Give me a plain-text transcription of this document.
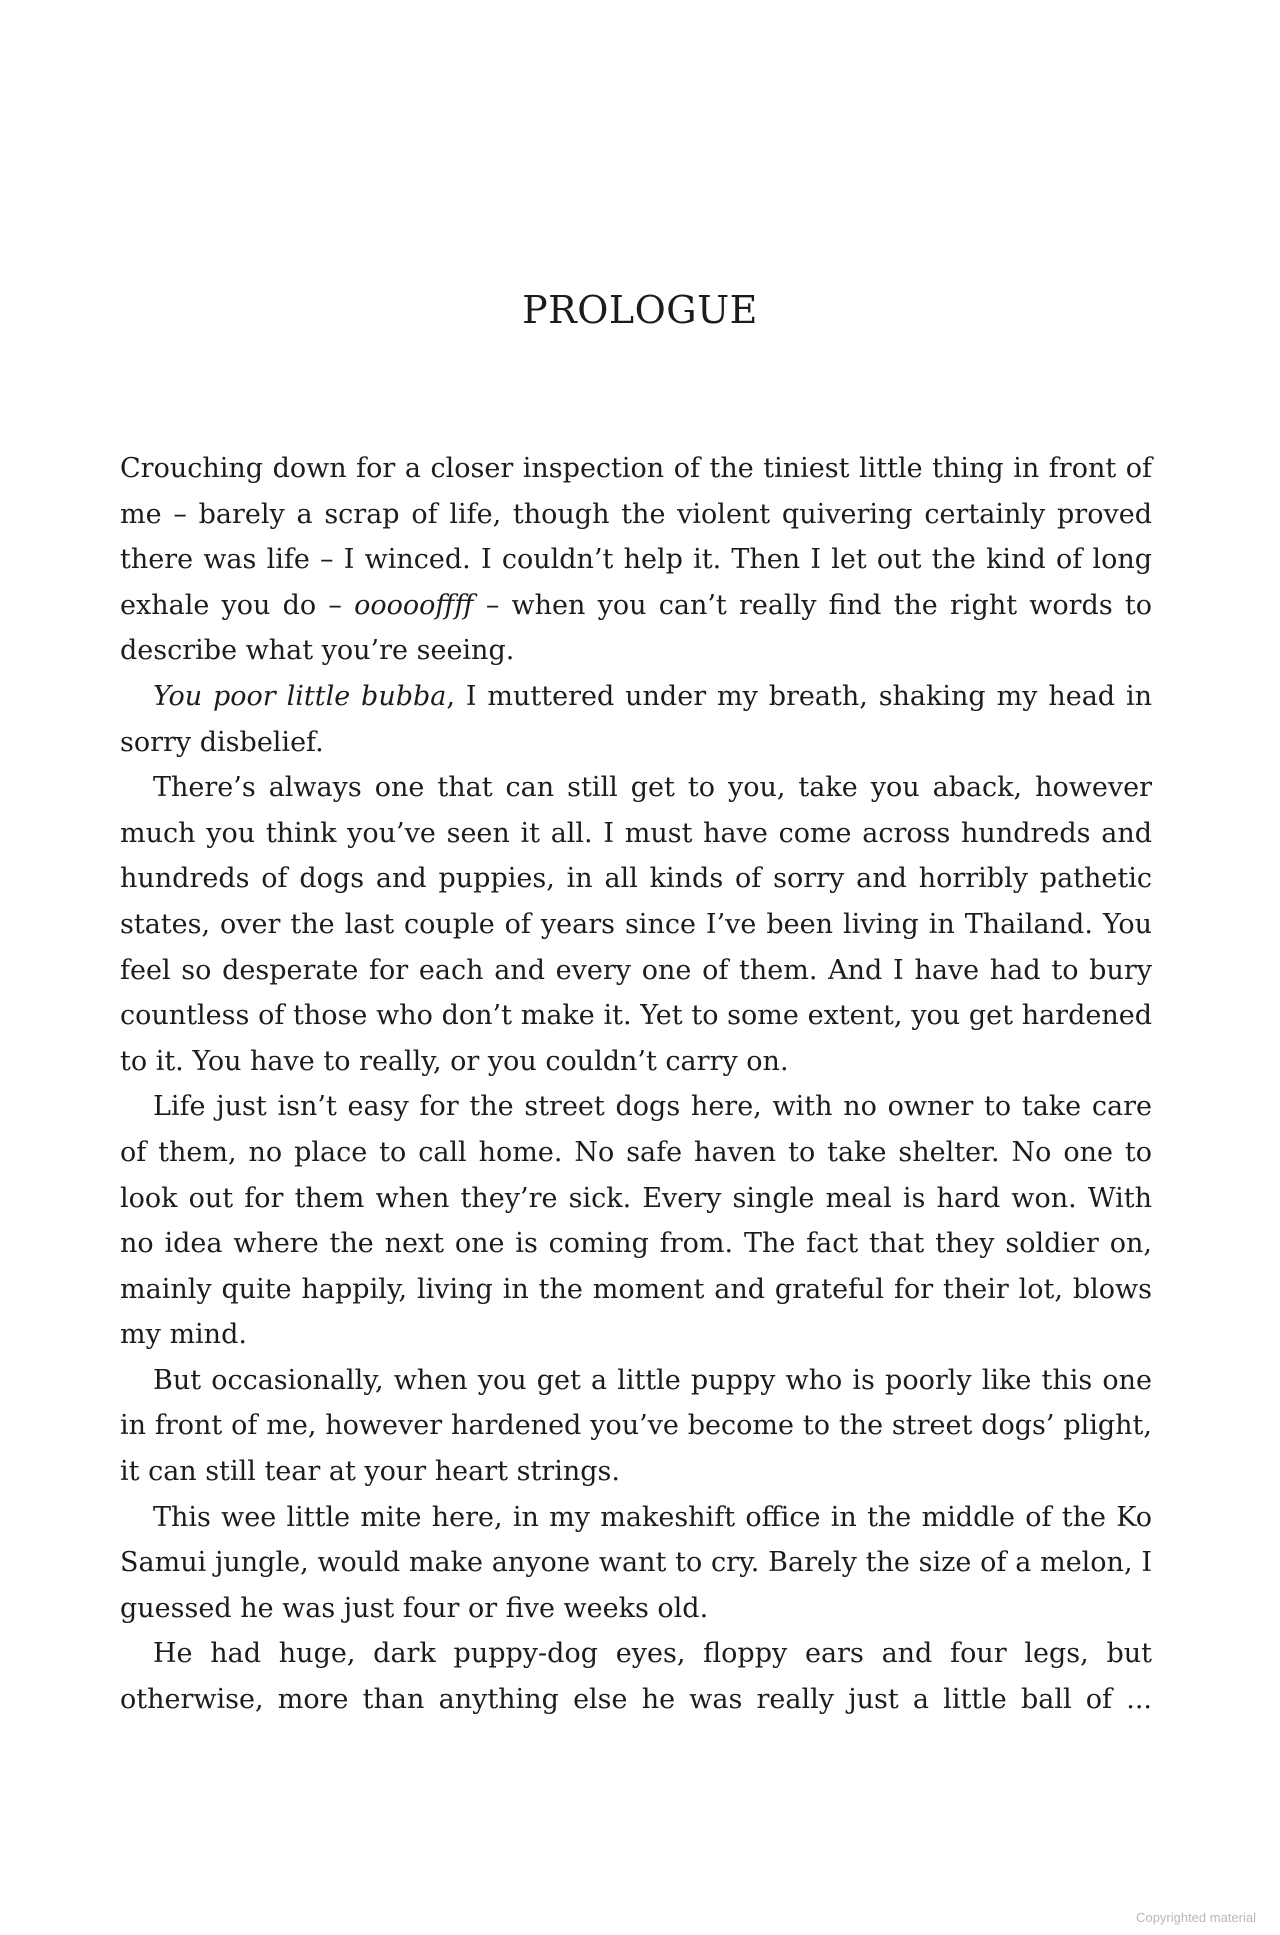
PROLOGUE

Crouching down for a closer inspection of the tiniest little thing in front of me – barely a scrap of life, though the violent quivering certainly proved there was life – I winced. I couldn’t help it. Then I let out the kind of long exhale you do – oooooffff – when you can’t really find the right words to describe what you’re seeing.

You poor little bubba, I muttered under my breath, shaking my head in sorry disbelief.

There’s always one that can still get to you, take you aback, however much you think you’ve seen it all. I must have come across hundreds and hundreds of dogs and puppies, in all kinds of sorry and horribly pathetic states, over the last couple of years since I’ve been living in Thailand. You feel so desperate for each and every one of them. And I have had to bury countless of those who don’t make it. Yet to some extent, you get hardened to it. You have to really, or you couldn’t carry on.

Life just isn’t easy for the street dogs here, with no owner to take care of them, no place to call home. No safe haven to take shelter. No one to look out for them when they’re sick. Every single meal is hard won. With no idea where the next one is coming from. The fact that they soldier on, mainly quite happily, living in the moment and grateful for their lot, blows my mind.

But occasionally, when you get a little puppy who is poorly like this one in front of me, however hardened you’ve become to the street dogs’ plight, it can still tear at your heart strings.

This wee little mite here, in my makeshift office in the middle of the Ko Samui jungle, would make anyone want to cry. Barely the size of a melon, I guessed he was just four or five weeks old.

He had huge, dark puppy-dog eyes, floppy ears and four legs, but otherwise, more than anything else he was really just a little ball of ...

Copyrighted material
